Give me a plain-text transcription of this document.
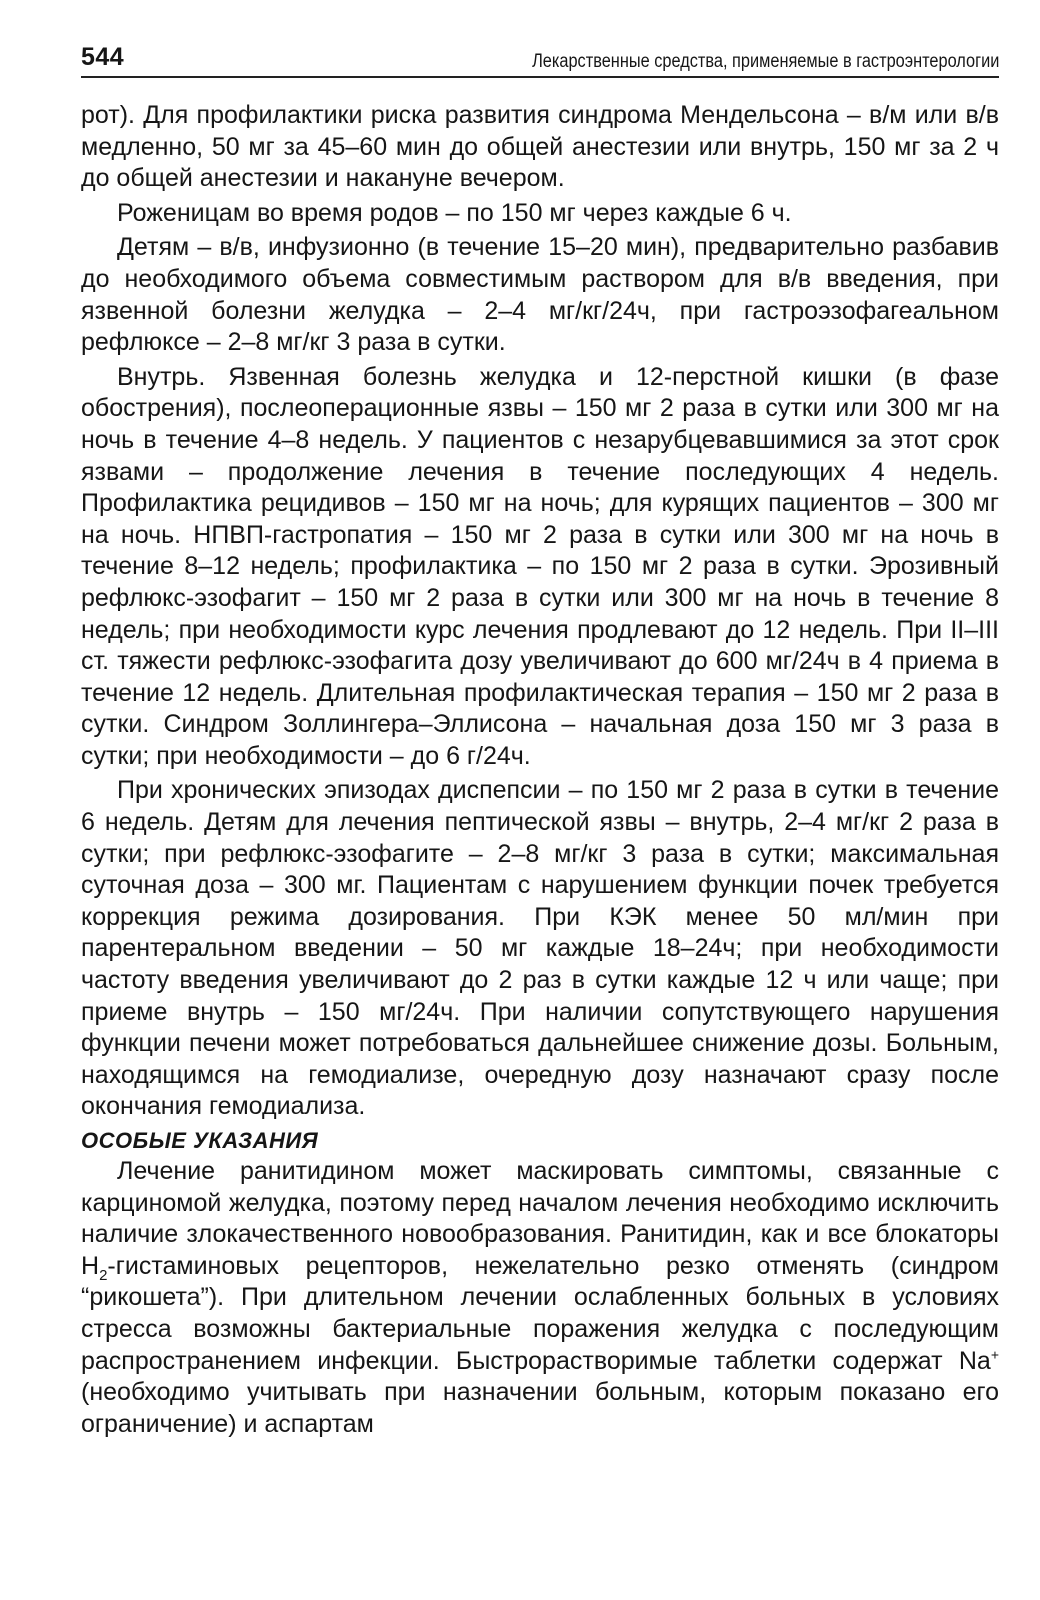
544	Лекарственные средства, применяемые в гастроэнтерологии

рот). Для профилактики риска развития синдрома Мендельсона – в/м или в/в медленно, 50 мг за 45–60 мин до общей анестезии или внутрь, 150 мг за 2 ч до общей анестезии и накануне вечером.

Роженицам во время родов – по 150 мг через каждые 6 ч.

Детям – в/в, инфузионно (в течение 15–20 мин), предварительно разбавив до необходимого объема совместимым раствором для в/в введения, при язвенной болезни желудка – 2–4 мг/кг/24ч, при гастроэзофагеальном рефлюксе – 2–8 мг/кг 3 раза в сутки.

Внутрь. Язвенная болезнь желудка и 12-перстной кишки (в фазе обострения), послеоперационные язвы – 150 мг 2 раза в сутки или 300 мг на ночь в течение 4–8 недель. У пациентов с незарубцевавшимися за этот срок язвами – продолжение лечения в течение последующих 4 недель. Профилактика рецидивов – 150 мг на ночь; для курящих пациентов – 300 мг на ночь. НПВП-гастропатия – 150 мг 2 раза в сутки или 300 мг на ночь в течение 8–12 недель; профилактика – по 150 мг 2 раза в сутки. Эрозивный рефлюкс-эзофагит – 150 мг 2 раза в сутки или 300 мг на ночь в течение 8 недель; при необходимости курс лечения продлевают до 12 недель. При II–III ст. тяжести рефлюкс-эзофагита дозу увеличивают до 600 мг/24ч в 4 приема в течение 12 недель. Длительная профилактическая терапия – 150 мг 2 раза в сутки. Синдром Золлингера–Эллисона – начальная доза 150 мг 3 раза в сутки; при необходимости – до 6 г/24ч.

При хронических эпизодах диспепсии – по 150 мг 2 раза в сутки в течение 6 недель. Детям для лечения пептической язвы – внутрь, 2–4 мг/кг 2 раза в сутки; при рефлюкс-эзофагите – 2–8 мг/кг 3 раза в сутки; максимальная суточная доза – 300 мг. Пациентам с нарушением функции почек требуется коррекция режима дозирования. При КЭК менее 50 мл/мин при парентеральном введении – 50 мг каждые 18–24ч; при необходимости частоту введения увеличивают до 2 раз в сутки каждые 12 ч или чаще; при приеме внутрь – 150 мг/24ч. При наличии сопутствующего нарушения функции печени может потребоваться дальнейшее снижение дозы. Больным, находящимся на гемодиализе, очередную дозу назначают сразу после окончания гемодиализа.

ОСОБЫЕ УКАЗАНИЯ

Лечение ранитидином может маскировать симптомы, связанные с карциномой желудка, поэтому перед началом лечения необходимо исключить наличие злокачественного новообразования. Ранитидин, как и все блокаторы $H_2$-гистаминовых рецепторов, нежелательно резко отменять (синдром “рикошета”). При длительном лечении ослабленных больных в условиях стресса возможны бактериальные поражения желудка с последующим распространением инфекции. Быстрорастворимые таблетки содержат Na+ (необходимо учитывать при назначении больным, которым показано его ограничение) и аспартам
